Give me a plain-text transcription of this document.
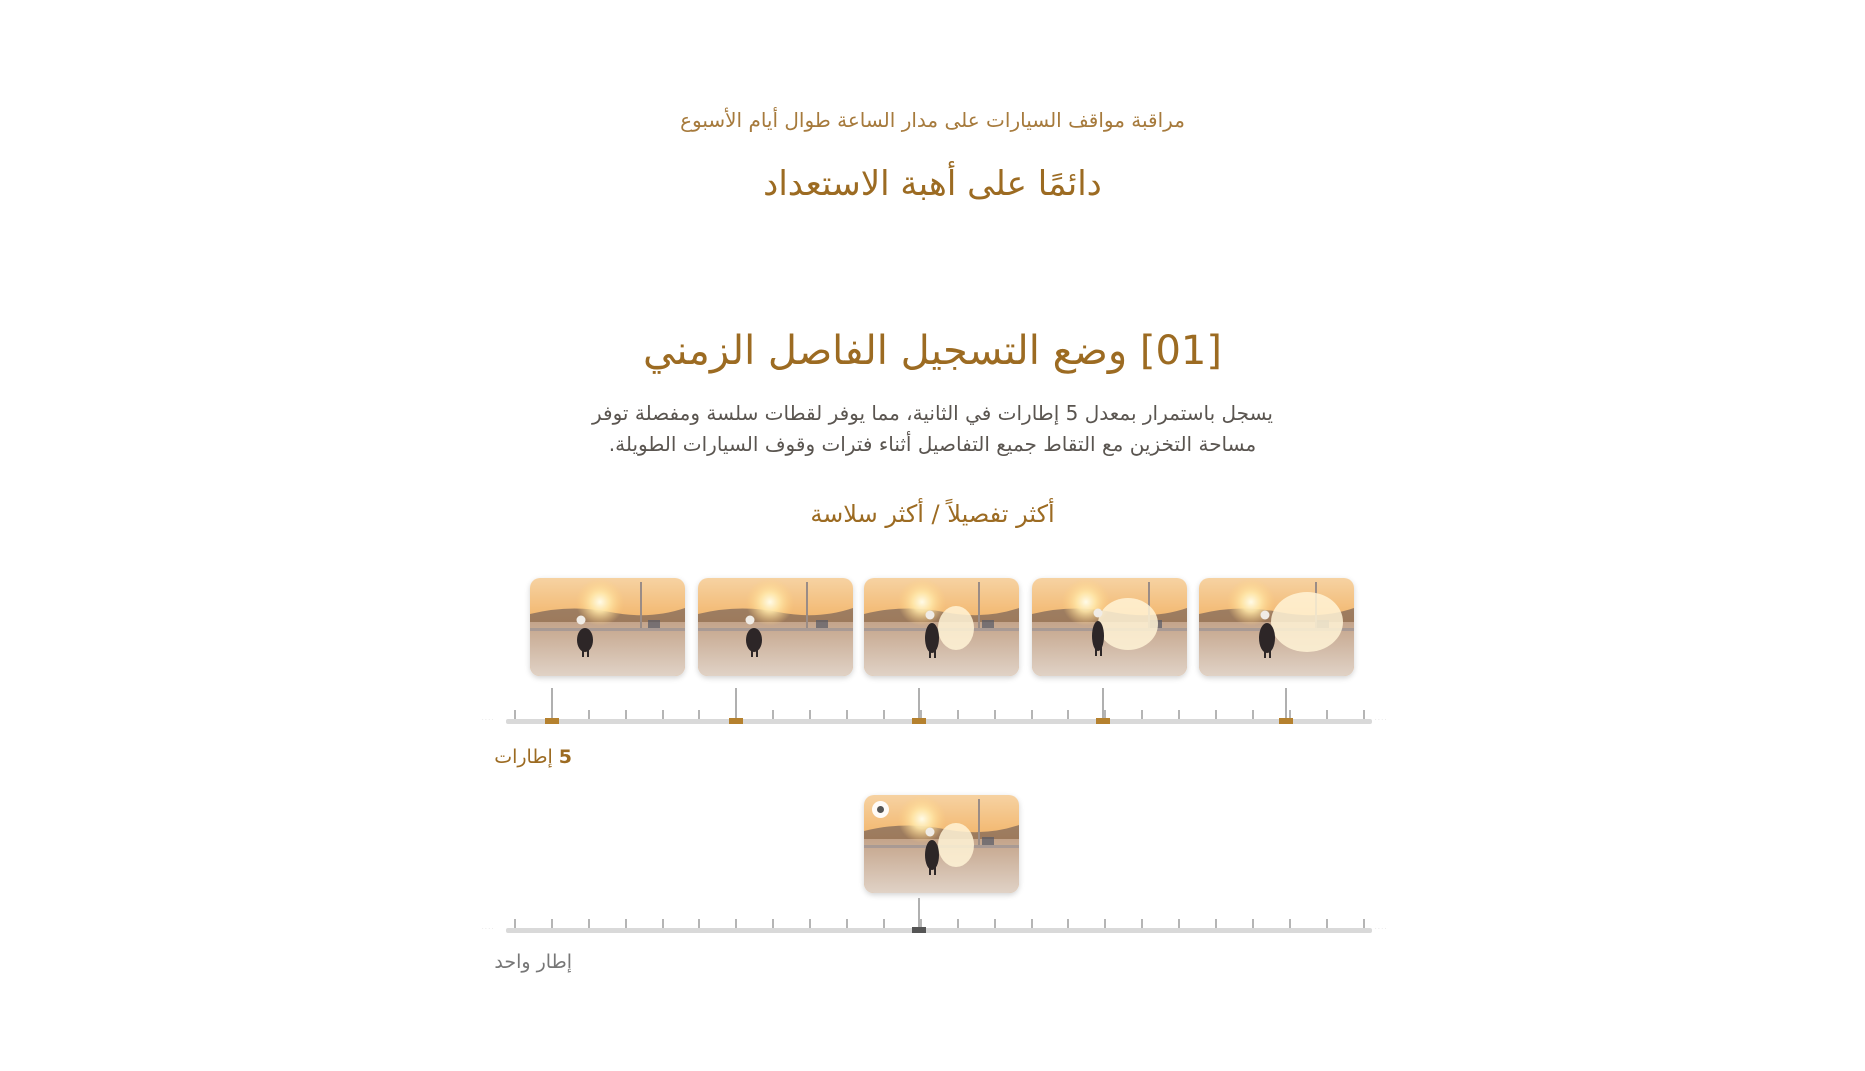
مراقبة مواقف السيارات على مدار الساعة طوال أيام الأسبوع
دائمًا على أهبة الاستعداد
[01] وضع التسجيل الفاصل الزمني
يسجل باستمرار بمعدل 5 إطارات في الثانية، مما يوفر لقطات سلسة ومفصلة توفر مساحة التخزين مع التقاط جميع التفاصيل أثناء فترات وقوف السيارات الطويلة.
أكثر تفصيلاً / أكثر سلاسة
· · · ·	· · · ·
5 إطارات
· · · ·	· · · ·
إطار واحد
